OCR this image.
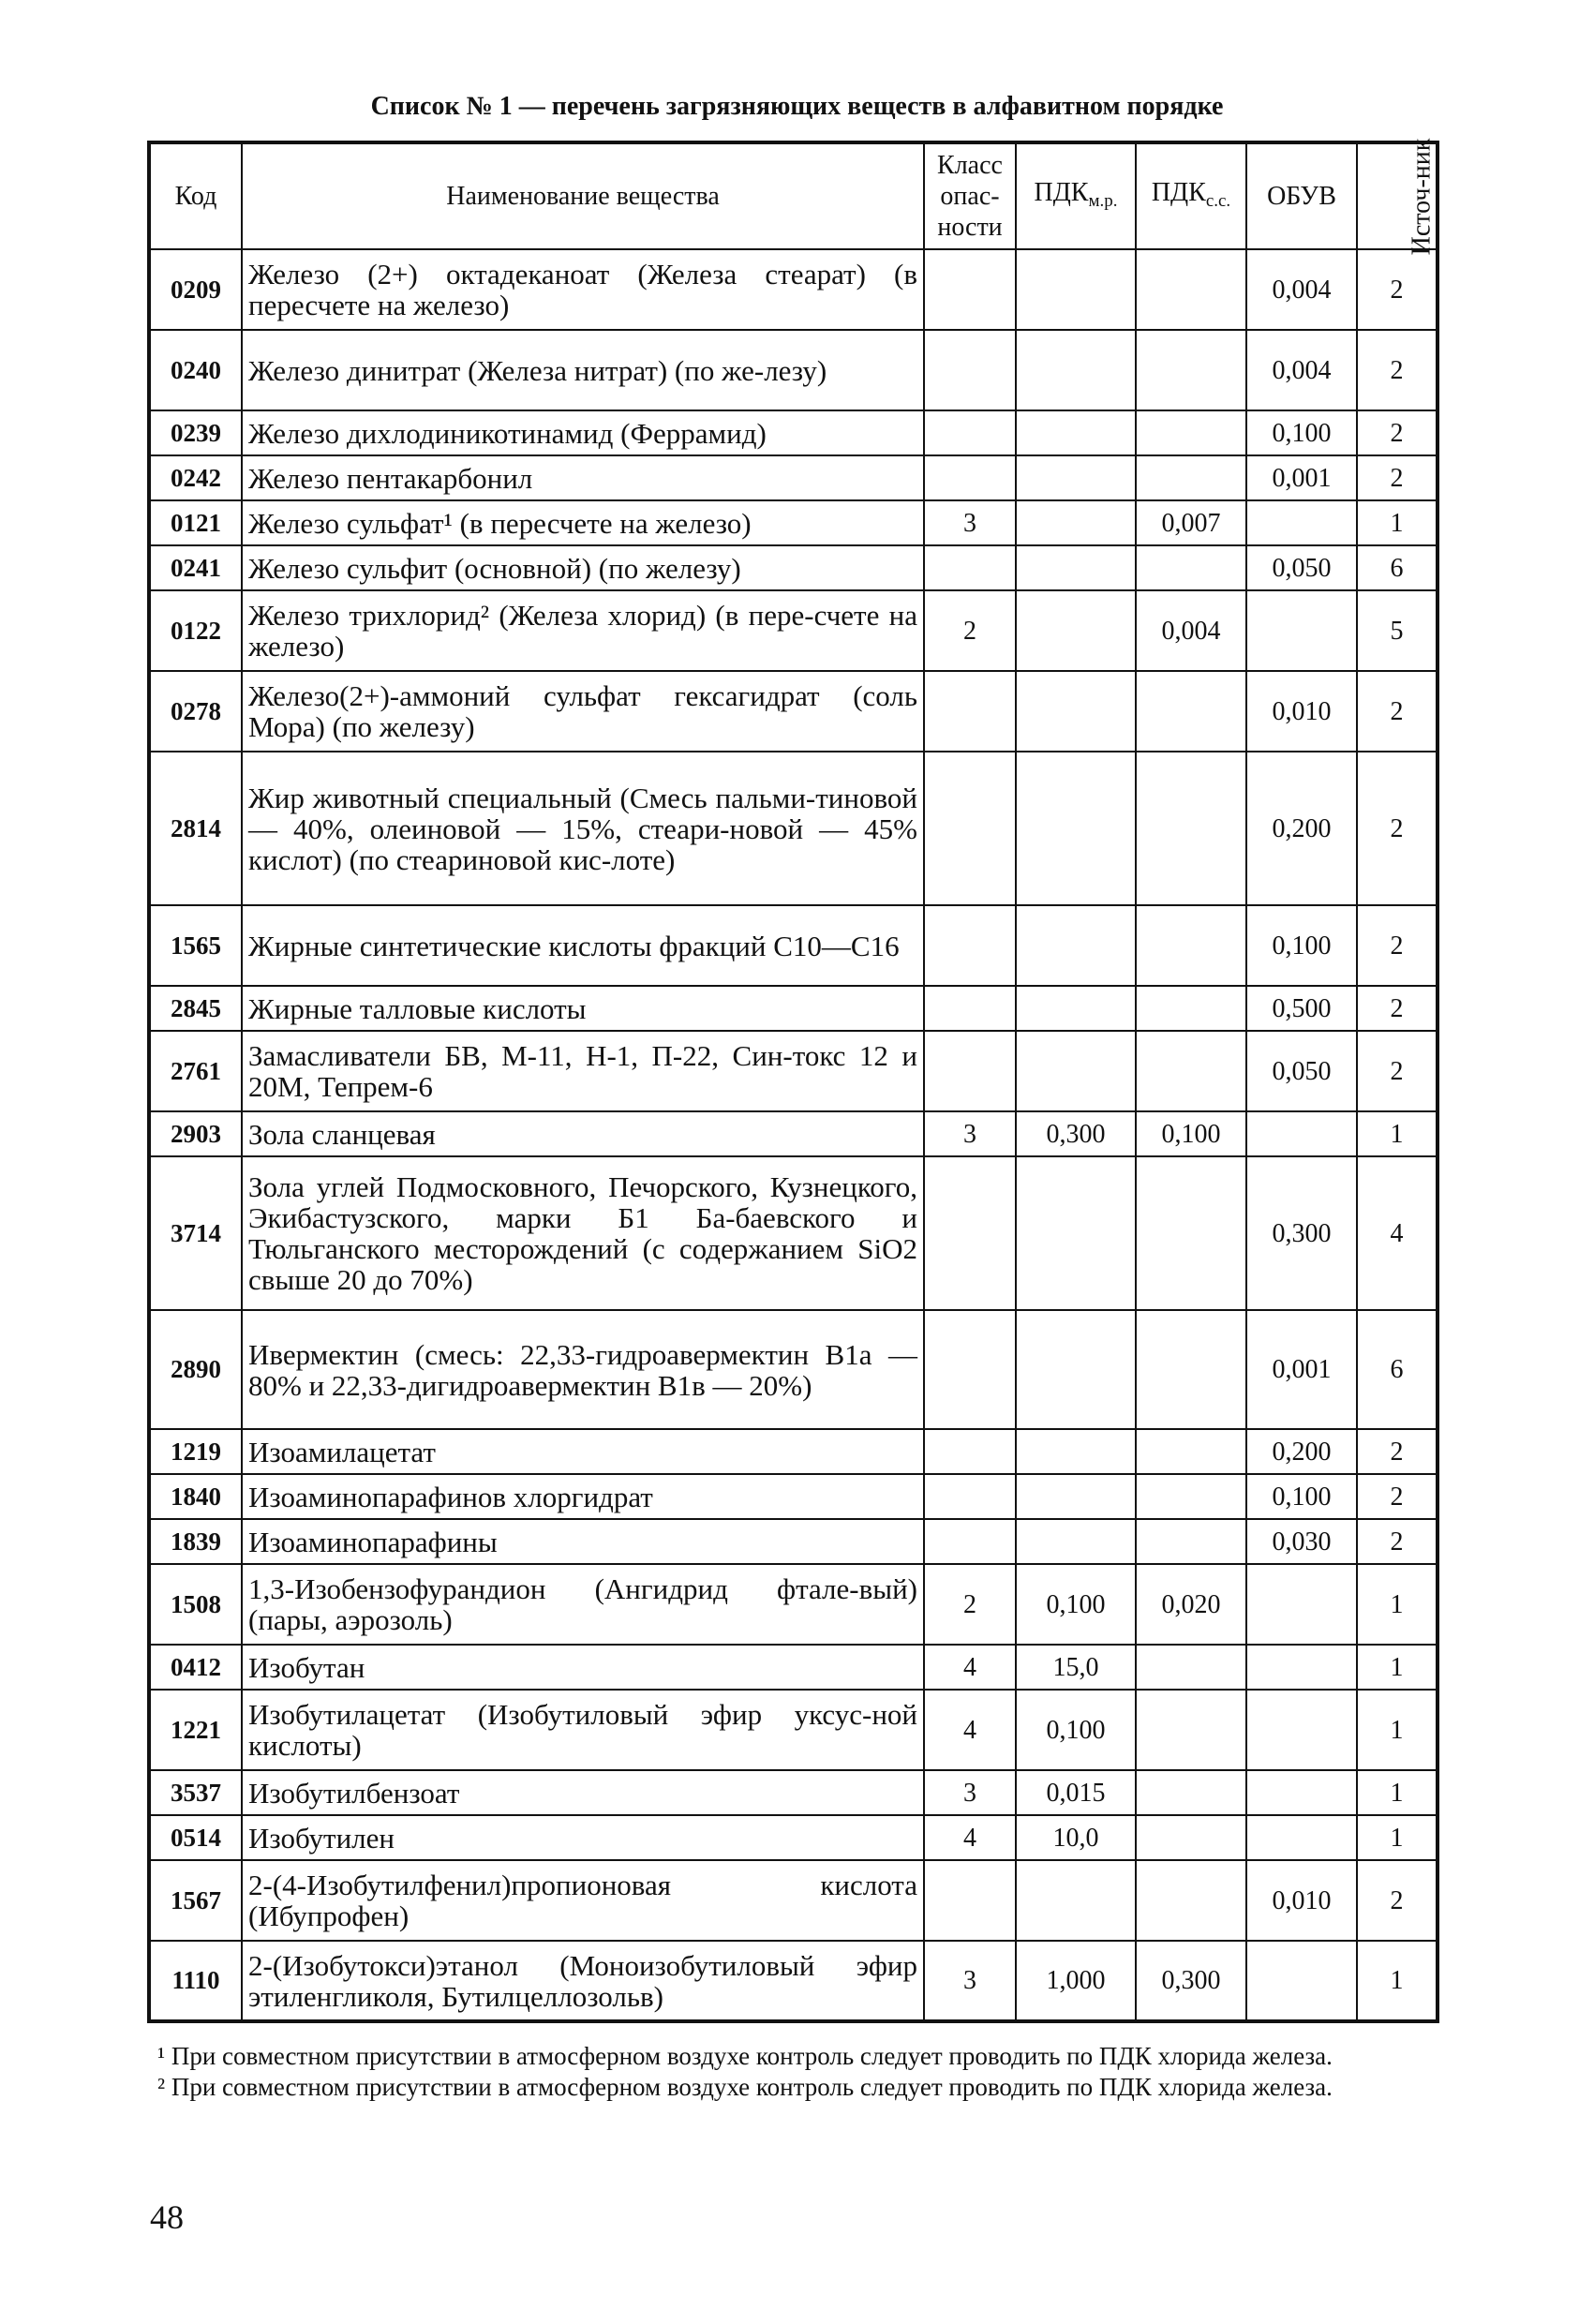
Список № 1 — перечень загрязняющих веществ в алфавитном порядке
Код	Наименование вещества	Класс опас-ности	$ПДК_{м.р.}$	$ПДК_{с.с.}$	ОБУВ	Источ-ник
0209	Железо (2+) октадеканоат (Железа стеарат) (в пересчете на железо)				0,004	2
0240	Железо динитрат (Железа нитрат) (по же-лезу)				0,004	2
0239	Железо дихлодиникотинамид (Феррамид)				0,100	2
0242	Железо пентакарбонил				0,001	2
0121	Железо сульфат¹ (в пересчете на железо)	3		0,007		1
0241	Железо сульфит (основной) (по железу)				0,050	6
0122	Железо трихлорид² (Железа хлорид) (в пере-счете на железо)	2		0,004		5
0278	Железо(2+)-аммоний сульфат гексагидрат (соль Мора) (по железу)				0,010	2
2814	Жир животный специальный (Смесь пальми-тиновой — 40%, олеиновой — 15%, стеари-новой — 45% кислот) (по стеариновой кис-лоте)				0,200	2
1565	Жирные синтетические кислоты фракций C10—C16				0,100	2
2845	Жирные талловые кислоты				0,500	2
2761	Замасливатели БВ, М-11, Н-1, П-22, Син-токс 12 и 20М, Тепрем-6				0,050	2
2903	Зола сланцевая	3	0,300	0,100		1
3714	Зола углей Подмосковного, Печорского, Кузнецкого, Экибастузского, марки Б1 Ба-баевского и Тюльганского месторождений (с содержанием SiO2 свыше 20 до 70%)				0,300	4
2890	Ивермектин (смесь: 22,33-гидроавермектин B1a — 80% и 22,33-дигидроавермектин B1в — 20%)				0,001	6
1219	Изоамилацетат				0,200	2
1840	Изоаминопарафинов хлоргидрат				0,100	2
1839	Изоаминопарафины				0,030	2
1508	1,3-Изобензофурандион (Ангидрид фтале-вый) (пары, аэрозоль)	2	0,100	0,020		1
0412	Изобутан	4	15,0			1
1221	Изобутилацетат (Изобутиловый эфир уксус-ной кислоты)	4	0,100			1
3537	Изобутилбензоат	3	0,015			1
0514	Изобутилен	4	10,0			1
1567	2-(4-Изобутилфенил)пропионовая кислота (Ибупрофен)				0,010	2
1110	2-(Изобутокси)этанол (Моноизобутиловый эфир этиленгликоля, Бутилцеллозольв)	3	1,000	0,300		1

¹ При совместном присутствии в атмосферном воздухе контроль следует проводить по ПДК хлорида железа.

² При совместном присутствии в атмосферном воздухе контроль следует проводить по ПДК хлорида железа.

48
